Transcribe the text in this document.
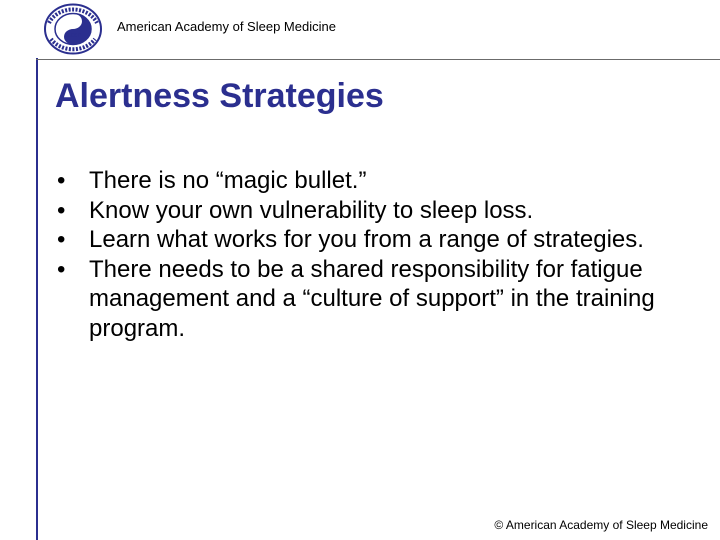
SLEEP
American Academy of Sleep Medicine
Alertness Strategies
• There is no “magic bullet.”
• Know your own vulnerability to sleep loss.
• Learn what works for you from a range of strategies.
• There needs to be a shared responsibility for fatigue management and a “culture of support” in the training program.
© American Academy of Sleep Medicine
